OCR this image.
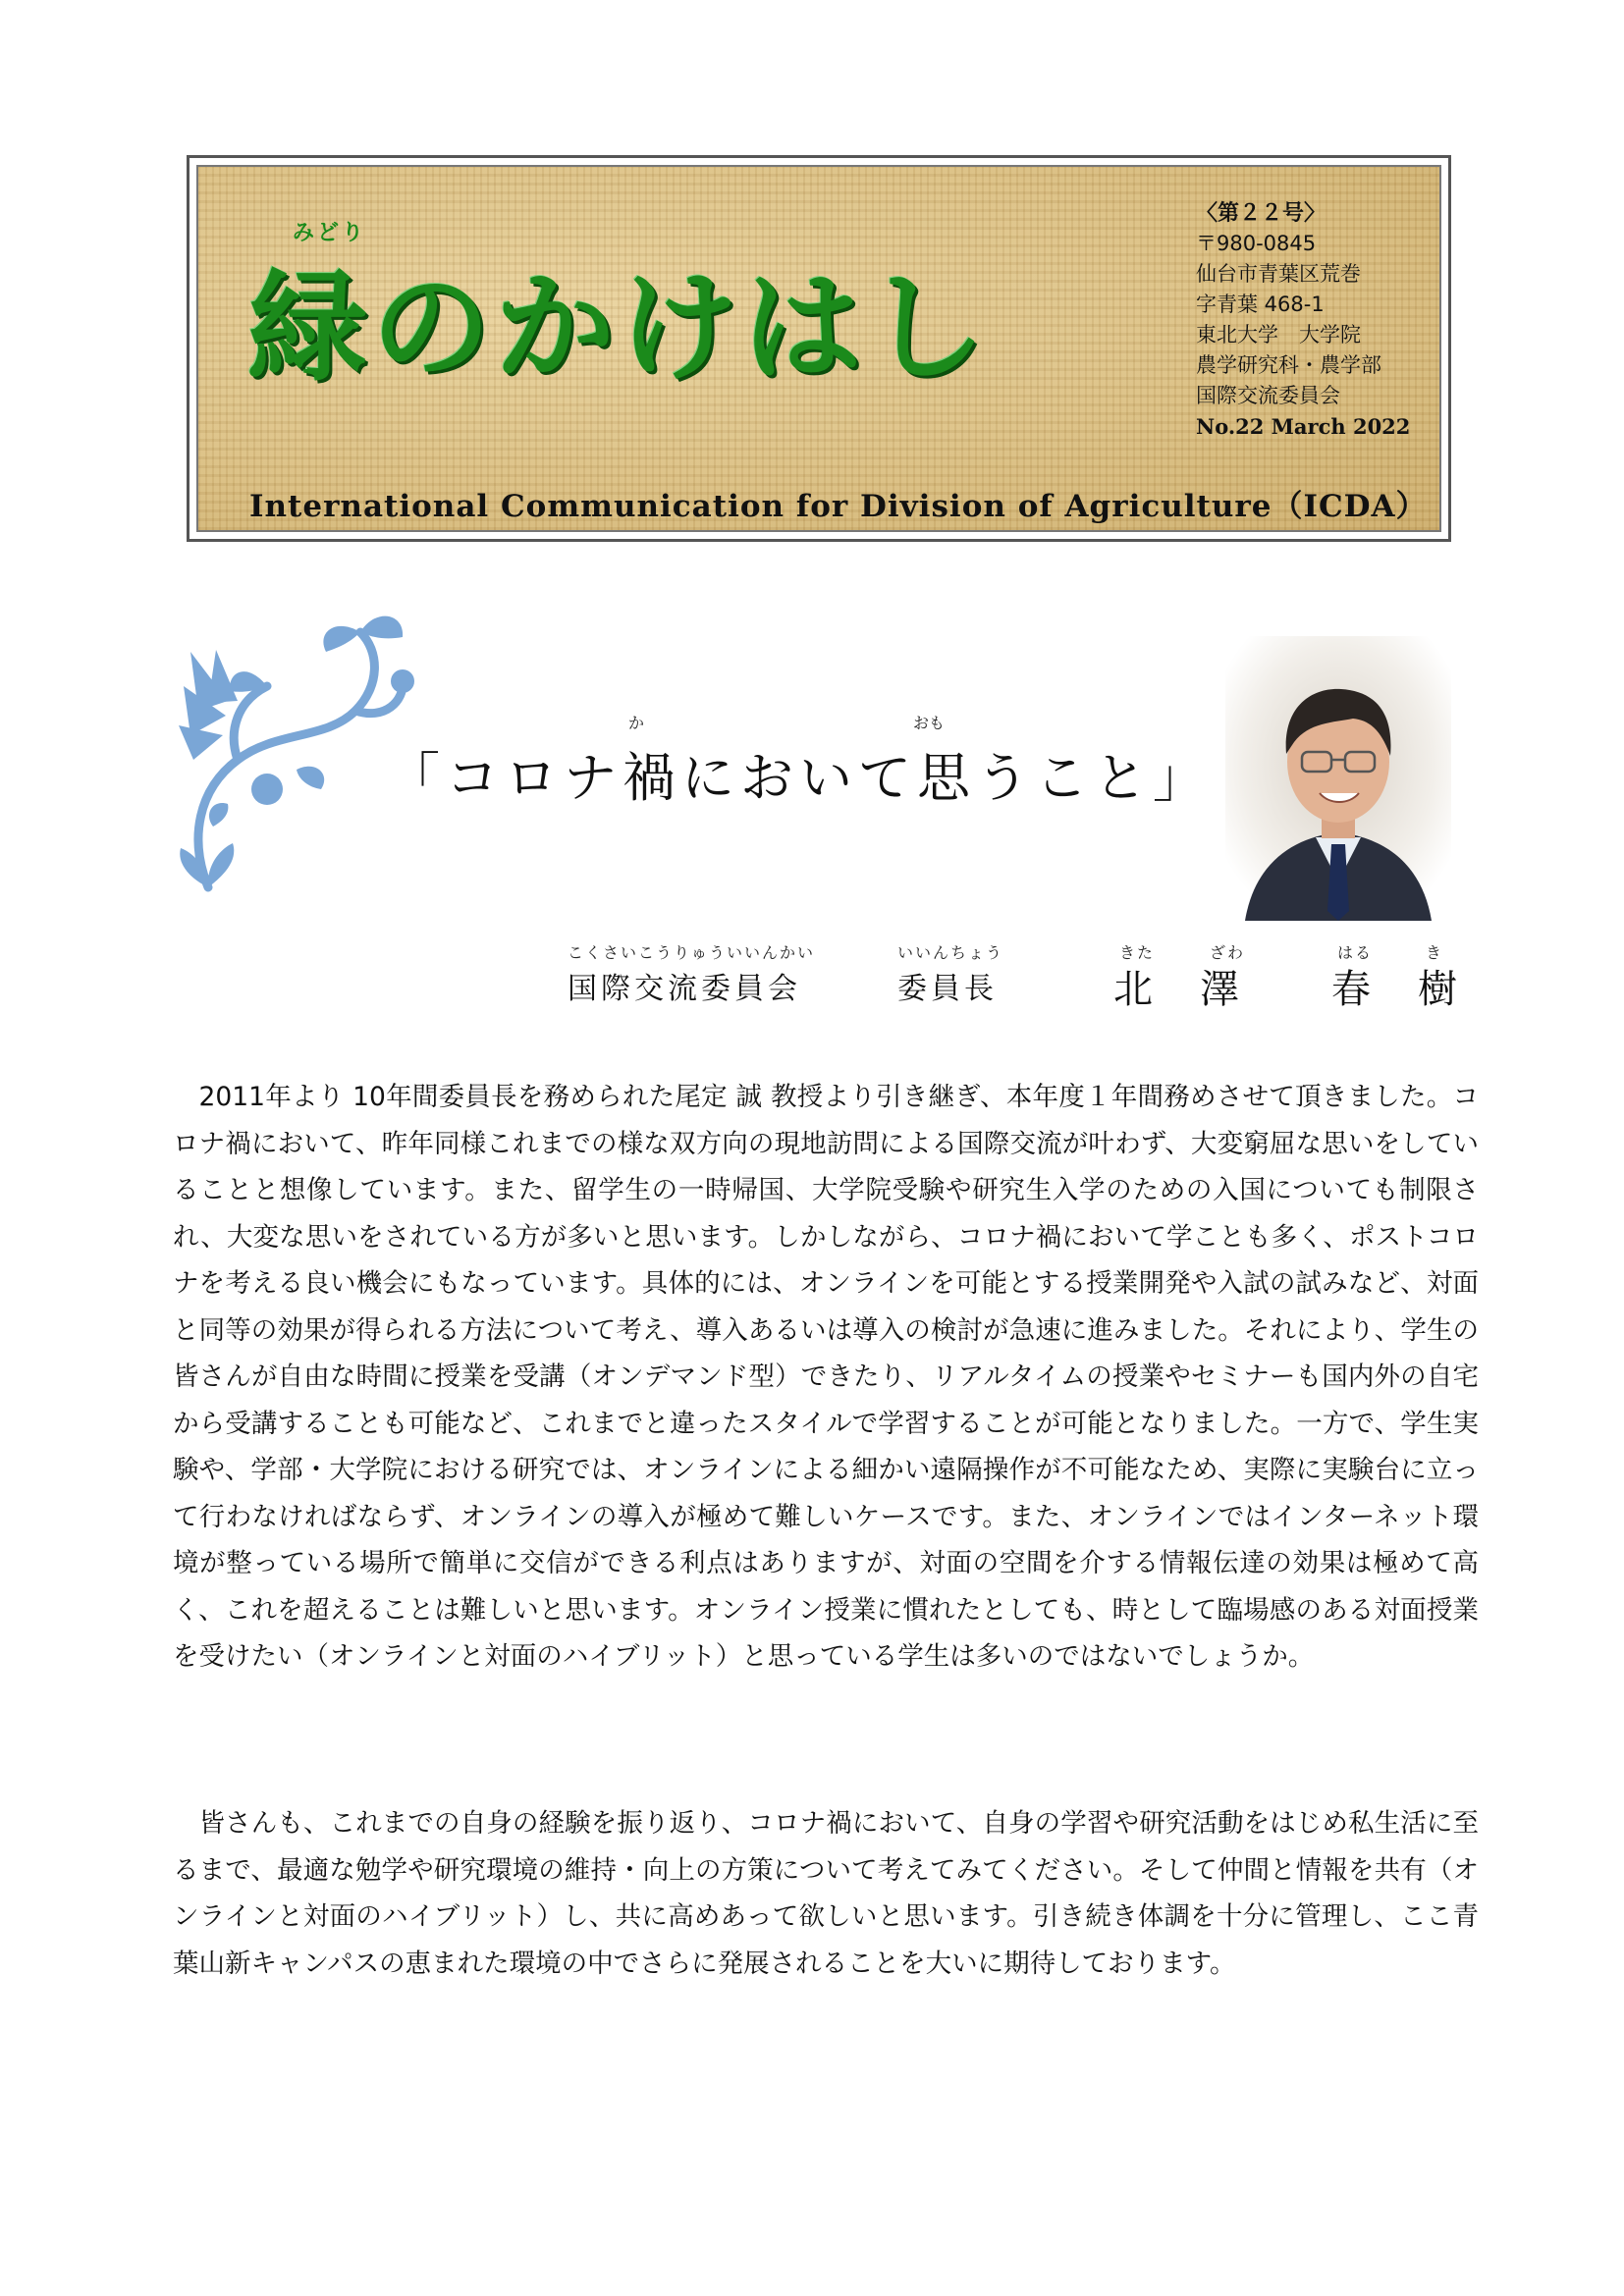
みどり
緑のかけはし
〈第２２号〉
〒980-0845
仙台市青葉区荒巻
字青葉 468-1
東北大学　大学院
農学研究科・農学部
国際交流委員会
No.22 March 2022
International Communication for Division of Agriculture（ICDA）
か	おも
「コロナ禍において思うこと」
こくさいこうりゅういいんかい
国際交流委員会
いいんちょう
委員長
きた	ざわ
北 澤
はる	き
春 樹

2011年より 10年間委員長を務められた尾定 誠 教授より引き継ぎ、本年度１年間務めさせて頂きました。コロナ禍において、昨年同様これまでの様な双方向の現地訪問による国際交流が叶わず、大変窮屈な思いをしていることと想像しています。また、留学生の一時帰国、大学院受験や研究生入学のための入国についても制限され、大変な思いをされている方が多いと思います。しかしながら、コロナ禍において学ことも多く、ポストコロナを考える良い機会にもなっています。具体的には、オンラインを可能とする授業開発や入試の試みなど、対面と同等の効果が得られる方法について考え、導入あるいは導入の検討が急速に進みました。それにより、学生の皆さんが自由な時間に授業を受講（オンデマンド型）できたり、リアルタイムの授業やセミナーも国内外の自宅から受講することも可能など、これまでと違ったスタイルで学習することが可能となりました。一方で、学生実験や、学部・大学院における研究では、オンラインによる細かい遠隔操作が不可能なため、実際に実験台に立って行わなければならず、オンラインの導入が極めて難しいケースです。また、オンラインではインターネット環境が整っている場所で簡単に交信ができる利点はありますが、対面の空間を介する情報伝達の効果は極めて高く、これを超えることは難しいと思います。オンライン授業に慣れたとしても、時として臨場感のある対面授業を受けたい（オンラインと対面のハイブリット）と思っている学生は多いのではないでしょうか。

皆さんも、これまでの自身の経験を振り返り、コロナ禍において、自身の学習や研究活動をはじめ私生活に至るまで、最適な勉学や研究環境の維持・向上の方策について考えてみてください。そして仲間と情報を共有（オンラインと対面のハイブリット）し、共に高めあって欲しいと思います。引き続き体調を十分に管理し、ここ青葉山新キャンパスの恵まれた環境の中でさらに発展されることを大いに期待しております。
